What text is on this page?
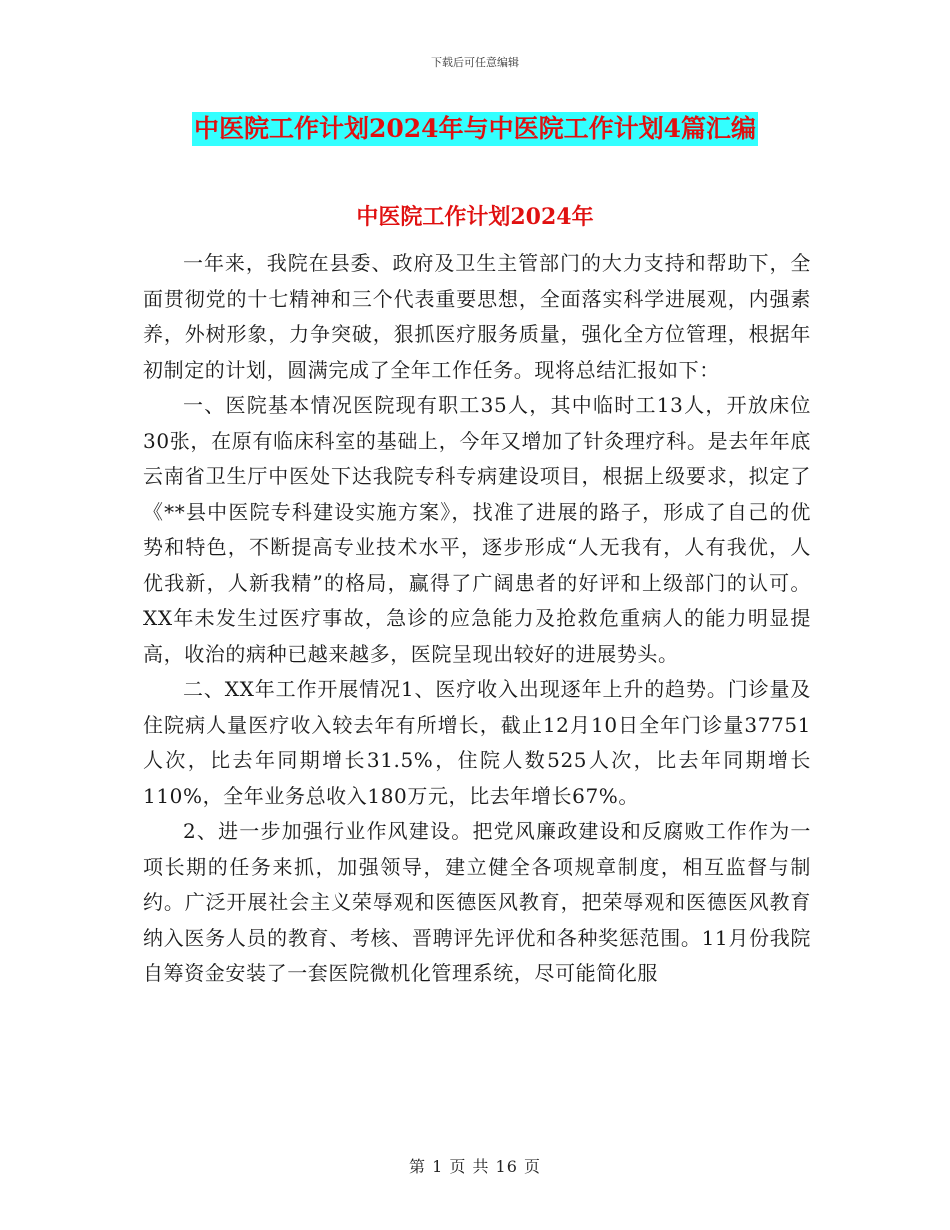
下载后可任意编辑
中医院工作计划2024年与中医院工作计划4篇汇编
中医院工作计划2024年

一年来，我院在县委、政府及卫生主管部门的大力支持和帮助下，全面贯彻党的十七精神和三个代表重要思想，全面落实科学进展观，内强素养，外树形象，力争突破，狠抓医疗服务质量，强化全方位管理，根据年初制定的计划，圆满完成了全年工作任务。现将总结汇报如下：

一、医院基本情况医院现有职工35人，其中临时工13人，开放床位30张，在原有临床科室的基础上，今年又增加了针灸理疗科。是去年年底云南省卫生厅中医处下达我院专科专病建设项目，根据上级要求，拟定了《**县中医院专科建设实施方案》，找准了进展的路子，形成了自己的优势和特色，不断提高专业技术水平，逐步形成“人无我有，人有我优，人优我新，人新我精”的格局，赢得了广阔患者的好评和上级部门的认可。XX年未发生过医疗事故，急诊的应急能力及抢救危重病人的能力明显提高，收治的病种已越来越多，医院呈现出较好的进展势头。

二、XX年工作开展情况1、医疗收入出现逐年上升的趋势。门诊量及住院病人量医疗收入较去年有所增长，截止12月10日全年门诊量37751人次，比去年同期增长31.5%，住院人数525人次，比去年同期增长110%，全年业务总收入180万元，比去年增长67%。

2、进一步加强行业作风建设。把党风廉政建设和反腐败工作作为一项长期的任务来抓，加强领导，建立健全各项规章制度，相互监督与制约。广泛开展社会主义荣辱观和医德医风教育，把荣辱观和医德医风教育纳入医务人员的教育、考核、晋聘评先评优和各种奖惩范围。11月份我院自筹资金安装了一套医院微机化管理系统，尽可能简化服

第 1 页 共 16 页
